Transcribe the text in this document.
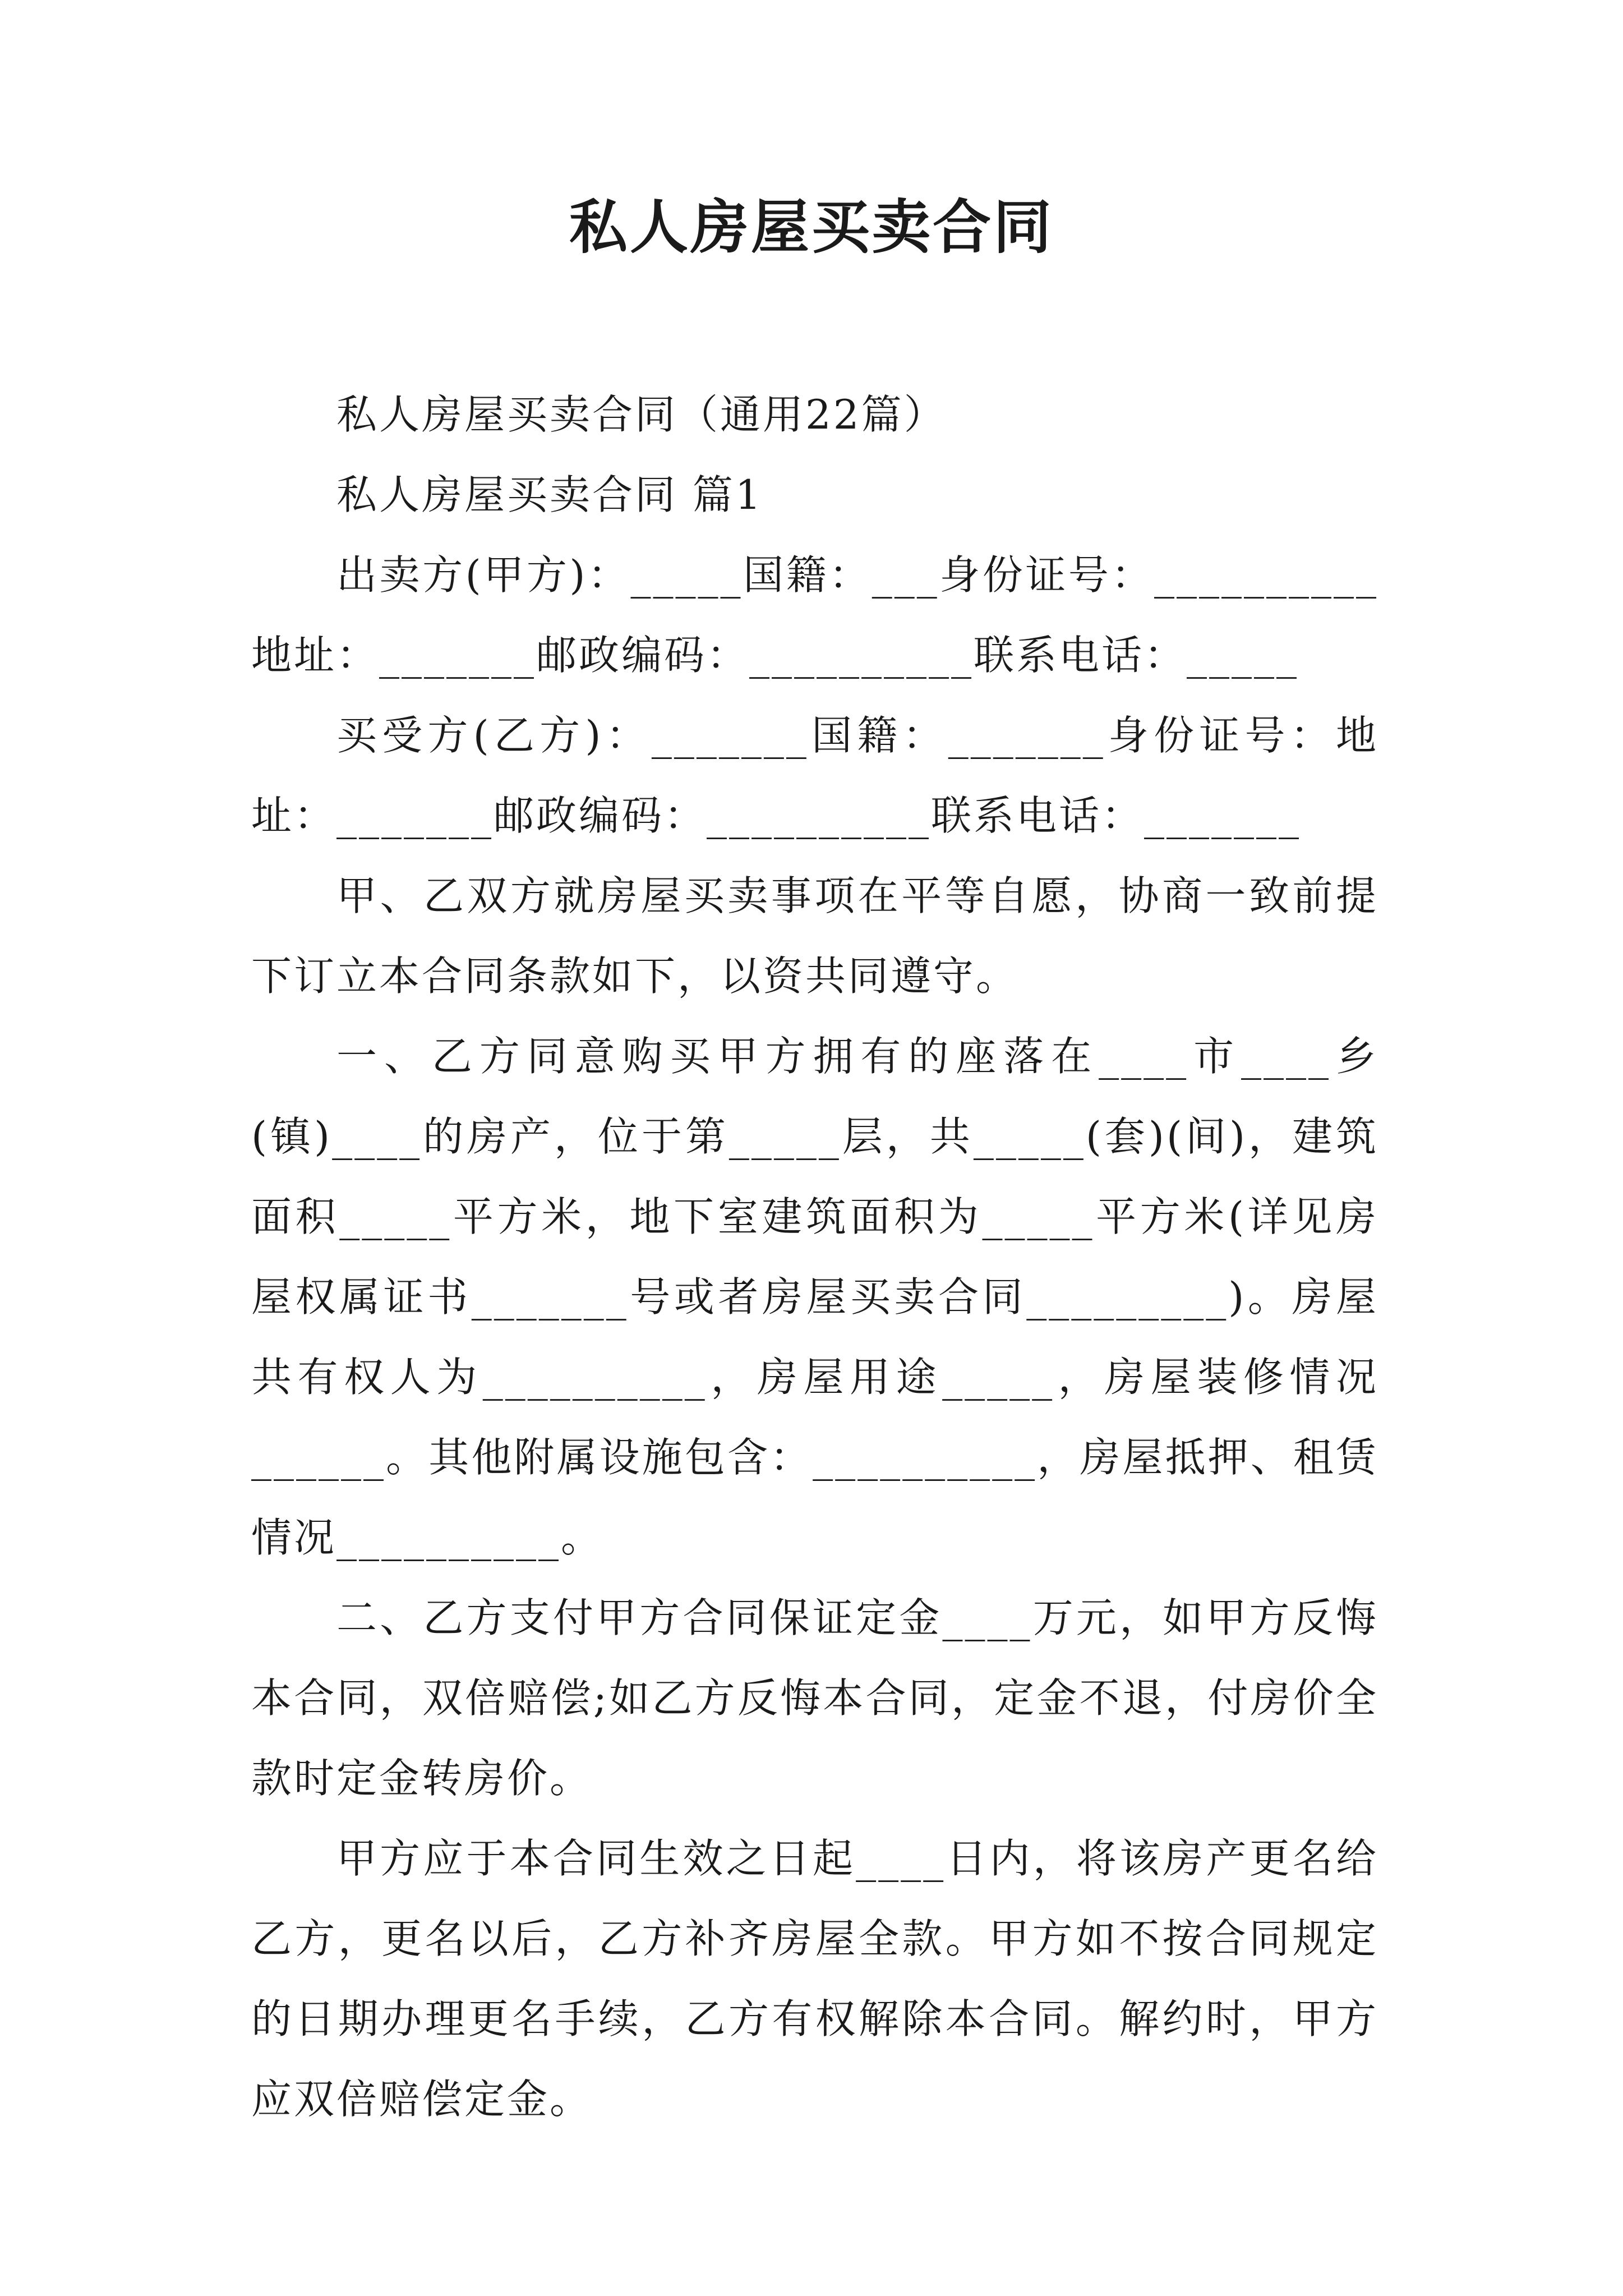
私人房屋买卖合同

私人房屋买卖合同（通用22篇）

私人房屋买卖合同 篇1

出卖方(甲方)：_____国籍：___身份证号：__________地址：_______邮政编码：__________联系电话：_____

买受方(乙方)：_______国籍：_______身份证号：地址：_______邮政编码：__________联系电话：_______

甲、乙双方就房屋买卖事项在平等自愿，协商一致前提下订立本合同条款如下，以资共同遵守。

一、乙方同意购买甲方拥有的座落在____市____乡(镇)____的房产，位于第_____层，共_____(套)(间)，建筑面积_____平方米，地下室建筑面积为_____平方米(详见房屋权属证书_______号或者房屋买卖合同_________)。房屋共有权人为__________，房屋用途_____，房屋装修情况______。其他附属设施包含：__________，房屋抵押、租赁情况__________。

二、乙方支付甲方合同保证定金____万元，如甲方反悔本合同，双倍赔偿;如乙方反悔本合同，定金不退，付房价全款时定金转房价。

甲方应于本合同生效之日起____日内，将该房产更名给乙方，更名以后，乙方补齐房屋全款。甲方如不按合同规定的日期办理更名手续，乙方有权解除本合同。解约时，甲方应双倍赔偿定金。
